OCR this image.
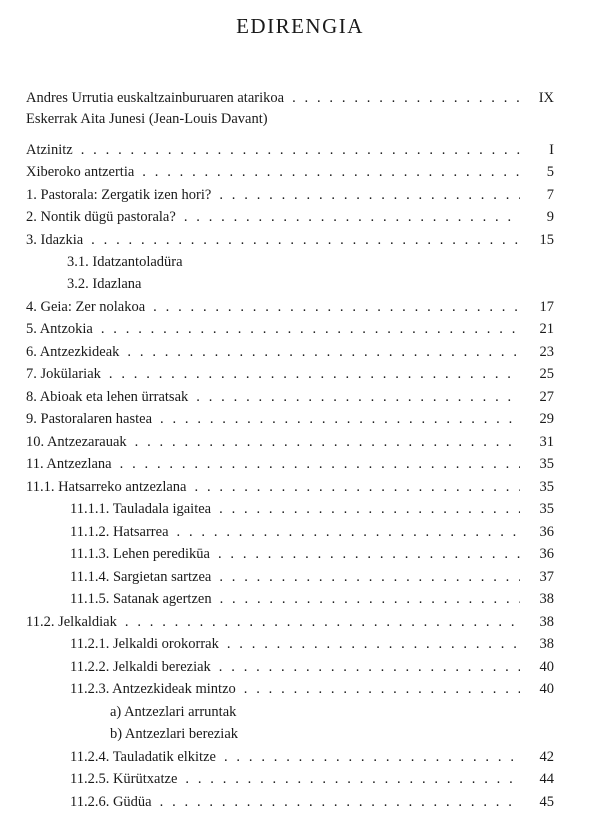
EDIRENGIA
Andres Urrutia euskaltzainburuaren atarikoa . . .	IX
Eskerrak Aita Junesi (Jean-Louis Davant)
Atzinitz . . .	I
Xiberoko antzertia . . .	5
1. Pastorala: Zergatik izen hori? . . .	7
2. Nontik dügü pastorala? . . .	9
3. Idazkia . . .	15
3.1. Idatzantoladüra
3.2. Idazlana
4. Geia: Zer nolakoa . . .	17
5. Antzokia . . .	21
6. Antzezkideak . . .	23
7. Jokülariak . . .	25
8. Abioak eta lehen ürratsak . . .	27
9. Pastoralaren hastea . . .	29
10. Antzezarauak . . .	31
11. Antzezlana . . .	35
11.1. Hatsarreko antzezlana . . .	35
11.1.1. Tauladala igaitea . . .	35
11.1.2. Hatsarrea . . .	36
11.1.3. Lehen peredikūa . . .	36
11.1.4. Sargietan sartzea . . .	37
11.1.5. Satanak agertzen . . .	38
11.2. Jelkaldiak . . .	38
11.2.1. Jelkaldi orokorrak . . .	38
11.2.2. Jelkaldi bereziak . . .	40
11.2.3. Antzezkideak mintzo . . .	40
a) Antzezlari arruntak
b) Antzezlari bereziak
11.2.4. Tauladatik elkitze . . .	42
11.2.5. Kürütxatze . . .	44
11.2.6. Güdüa . . .	45
